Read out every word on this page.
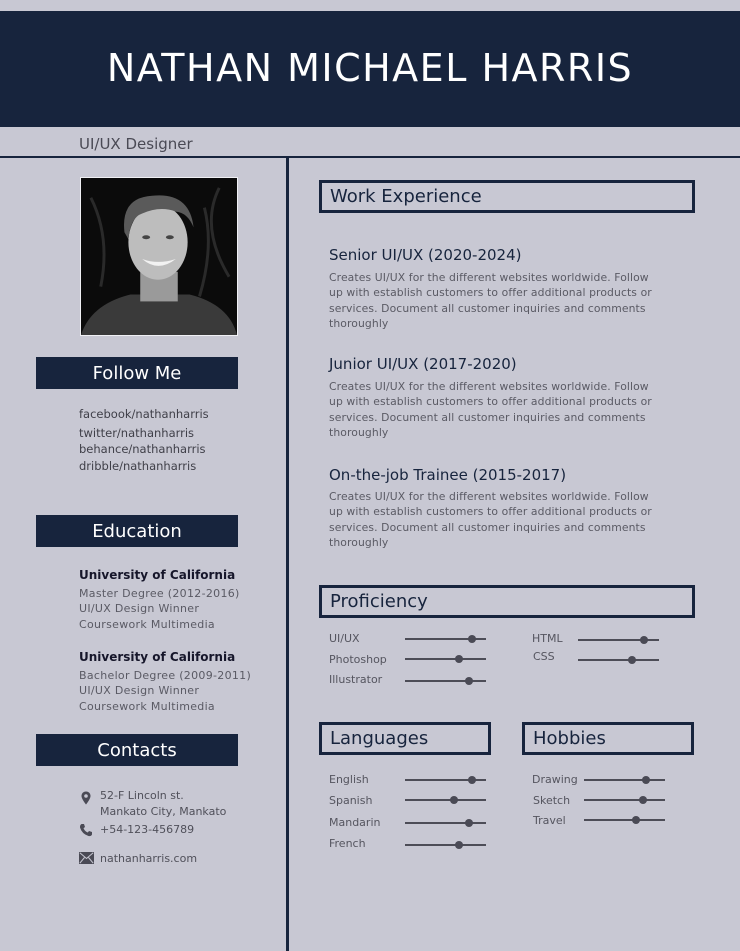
NATHAN MICHAEL HARRIS
UI/UX Designer
Follow Me
facebook/nathanharris
twitter/nathanharris
behance/nathanharris
dribble/nathanharris
Education
University of California
Master Degree (2012-2016)
UI/UX Design Winner
Coursework Multimedia
University of California
Bachelor Degree (2009-2011)
UI/UX Design Winner
Coursework Multimedia
Contacts
52-F Lincoln st.
Mankato City, Mankato
+54-123-456789
nathanharris.com
Work Experience
Senior UI/UX (2020-2024)
Creates UI/UX for the different websites worldwide. Follow up with establish customers to offer additional products or services. Document all customer inquiries and comments thoroughly
Junior UI/UX (2017-2020)
Creates UI/UX for the different websites worldwide. Follow up with establish customers to offer additional products or services. Document all customer inquiries and comments thoroughly
On-the-job Trainee (2015-2017)
Creates UI/UX for the different websites worldwide. Follow up with establish customers to offer additional products or services. Document all customer inquiries and comments thoroughly
Proficiency
UI/UX
Photoshop
Illustrator
HTML
CSS
Languages
English
Spanish
Mandarin
French
Hobbies
Drawing
Sketch
Travel
